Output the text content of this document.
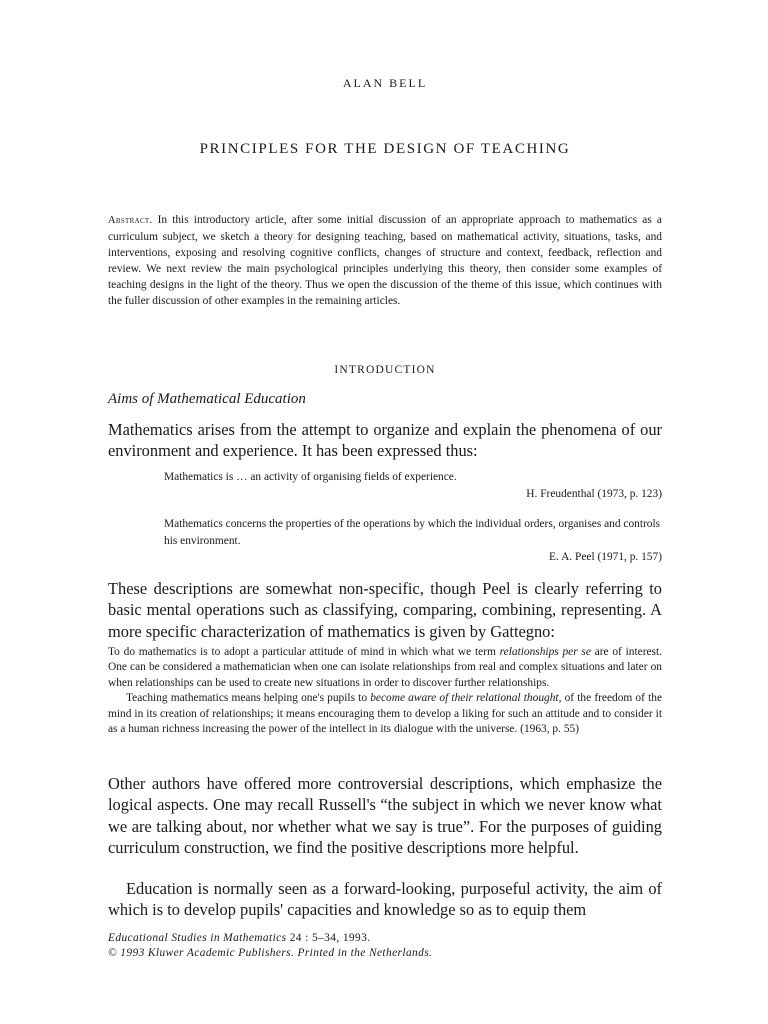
ALAN BELL
PRINCIPLES FOR THE DESIGN OF TEACHING
Abstract. In this introductory article, after some initial discussion of an appropriate approach to mathematics as a curriculum subject, we sketch a theory for designing teaching, based on mathematical activity, situations, tasks, and interventions, exposing and resolving cognitive conflicts, changes of structure and context, feedback, reflection and review. We next review the main psychological principles underlying this theory, then consider some examples of teaching designs in the light of the theory. Thus we open the discussion of the theme of this issue, which continues with the fuller discussion of other examples in the remaining articles.
INTRODUCTION
Aims of Mathematical Education
Mathematics arises from the attempt to organize and explain the phenomena of our environment and experience. It has been expressed thus:
Mathematics is … an activity of organising fields of experience.
H. Freudenthal (1973, p. 123)
Mathematics concerns the properties of the operations by which the individual orders, organises and controls his environment.
E. A. Peel (1971, p. 157)
These descriptions are somewhat non-specific, though Peel is clearly referring to basic mental operations such as classifying, comparing, combining, representing. A more specific characterization of mathematics is given by Gattegno:

To do mathematics is to adopt a particular attitude of mind in which what we term relationships per se are of interest. One can be considered a mathematician when one can isolate relationships from real and complex situations and later on when relationships can be used to create new situations in order to discover further relationships.

Teaching mathematics means helping one's pupils to become aware of their relational thought, of the freedom of the mind in its creation of relationships; it means encouraging them to develop a liking for such an attitude and to consider it as a human richness increasing the power of the intellect in its dialogue with the universe. (1963, p. 55)

Other authors have offered more controversial descriptions, which emphasize the logical aspects. One may recall Russell's “the subject in which we never know what we are talking about, nor whether what we say is true”. For the purposes of guiding curriculum construction, we find the positive descriptions more helpful.
Education is normally seen as a forward-looking, purposeful activity, the aim of which is to develop pupils' capacities and knowledge so as to equip them
Educational Studies in Mathematics 24 : 5–34, 1993.
© 1993 Kluwer Academic Publishers. Printed in the Netherlands.
